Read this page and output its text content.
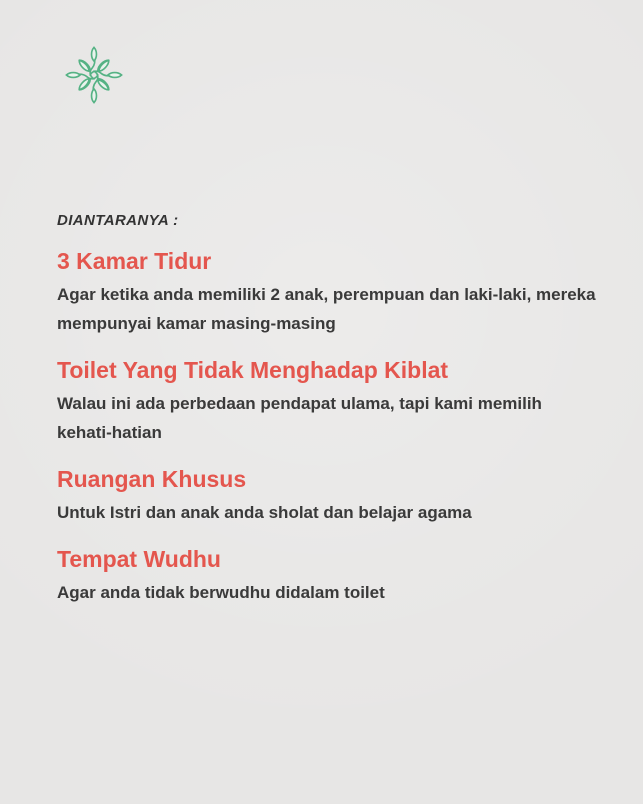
DIANTARANYA :
3 Kamar Tidur
Agar ketika anda memiliki 2 anak, perempuan dan laki-laki, mereka
mempunyai kamar masing-masing
Toilet Yang Tidak Menghadap Kiblat
Walau ini ada perbedaan pendapat ulama, tapi kami memilih
kehati-hatian
Ruangan Khusus
Untuk Istri dan anak anda sholat dan belajar agama
Tempat Wudhu
Agar anda tidak berwudhu didalam toilet
